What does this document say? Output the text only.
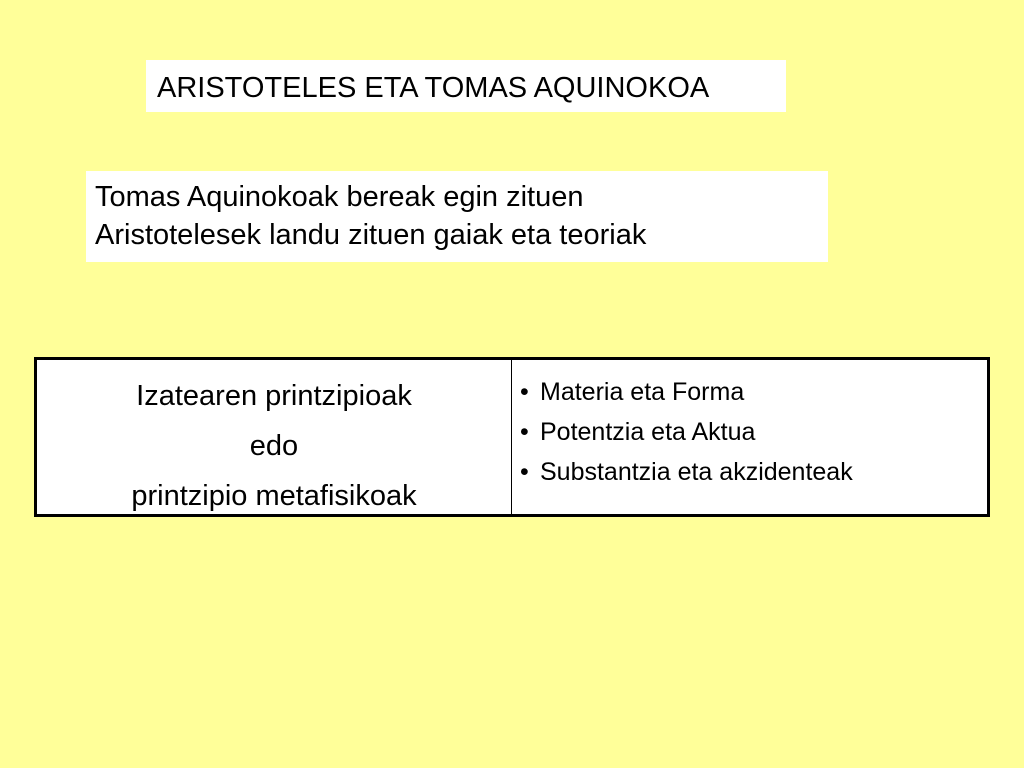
ARISTOTELES ETA TOMAS AQUINOKOA
Tomas Aquinokoak bereak egin zituen
Aristotelesek landu zituen gaiak eta teoriak
Izatearen printzipioak
edo
printzipio metafisikoak
• Materia eta Forma
• Potentzia eta Aktua
• Substantzia eta akzidenteak
